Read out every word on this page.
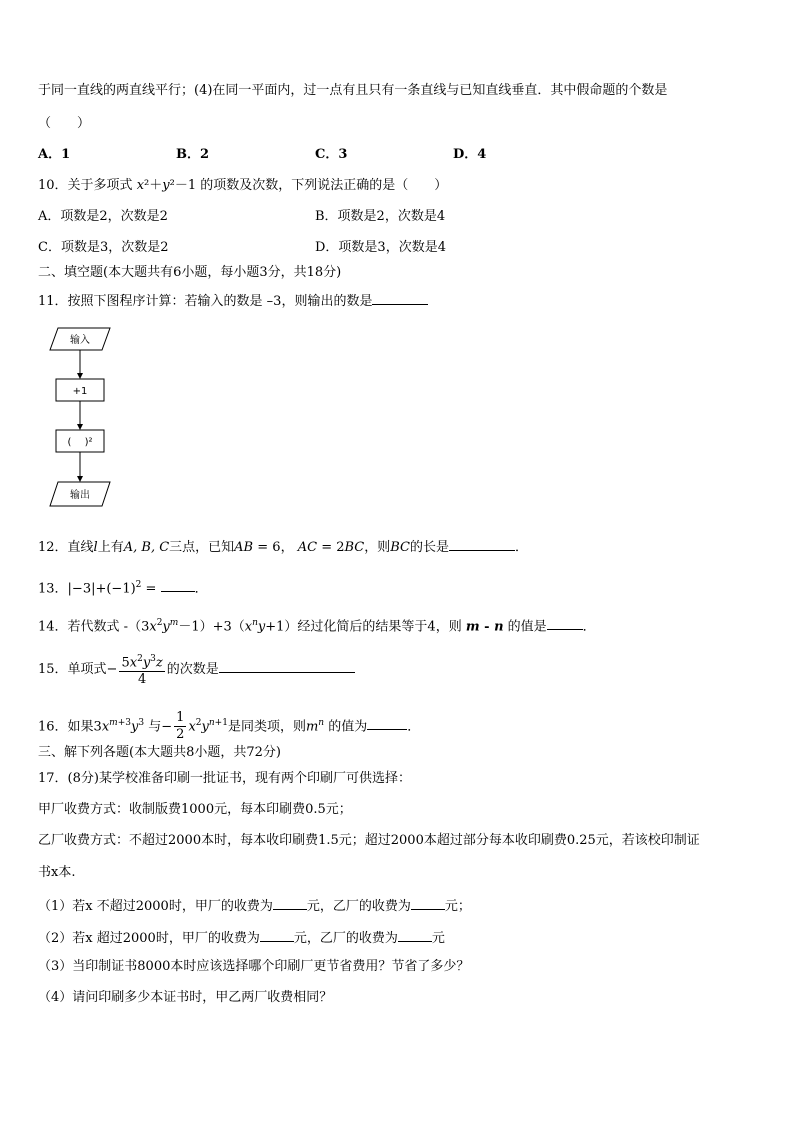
于同一直线的两直线平行；(4)在同一平面内，过一点有且只有一条直线与已知直线垂直．其中假命题的个数是
（　　）
A．1	B．2	C．3	D．4
10．关于多项式 x²＋y²－1 的项数及次数，下列说法正确的是（　　）
A．项数是2，次数是2	B．项数是2，次数是4
C．项数是3，次数是2	D．项数是3，次数是4
二、填空题(本大题共有6小题，每小题3分，共18分)
11．按照下图程序计算：若输入的数是 –3，则输出的数是
输入
+1
(　 )²
输出
12．直线l上有A, B, C三点，已知AB = 6， AC = 2BC，则BC的长是	．
13．$|-3|+(-1)^2$ =	．
14．若代数式 $-(3x^2y^m-1)+3(x^ny+1)$经过化简后的结果等于4，则 m - n 的值是	．
15．单项式− $\frac{5x^2y^3z}{4}$ 的次数是
16．如果$3x^{m+3}y^3$ 与− $\frac{1}{2} x^2y^{n+1}$是同类项，则$m^n$ 的值为	．
三、解下列各题(本大题共8小题，共72分)
17．(8分)某学校准备印刷一批证书，现有两个印刷厂可供选择：
甲厂收费方式：收制版费1000元，每本印刷费0.5元；
乙厂收费方式：不超过2000本时，每本收印刷费1.5元；超过2000本超过部分每本收印刷费0.25元，若该校印制证
书x本.
（1）若x 不超过2000时，甲厂的收费为	元，乙厂的收费为	元；
（2）若x 超过2000时，甲厂的收费为	元，乙厂的收费为	元
（3）当印制证书8000本时应该选择哪个印刷厂更节省费用？节省了多少？
（4）请问印刷多少本证书时，甲乙两厂收费相同？
